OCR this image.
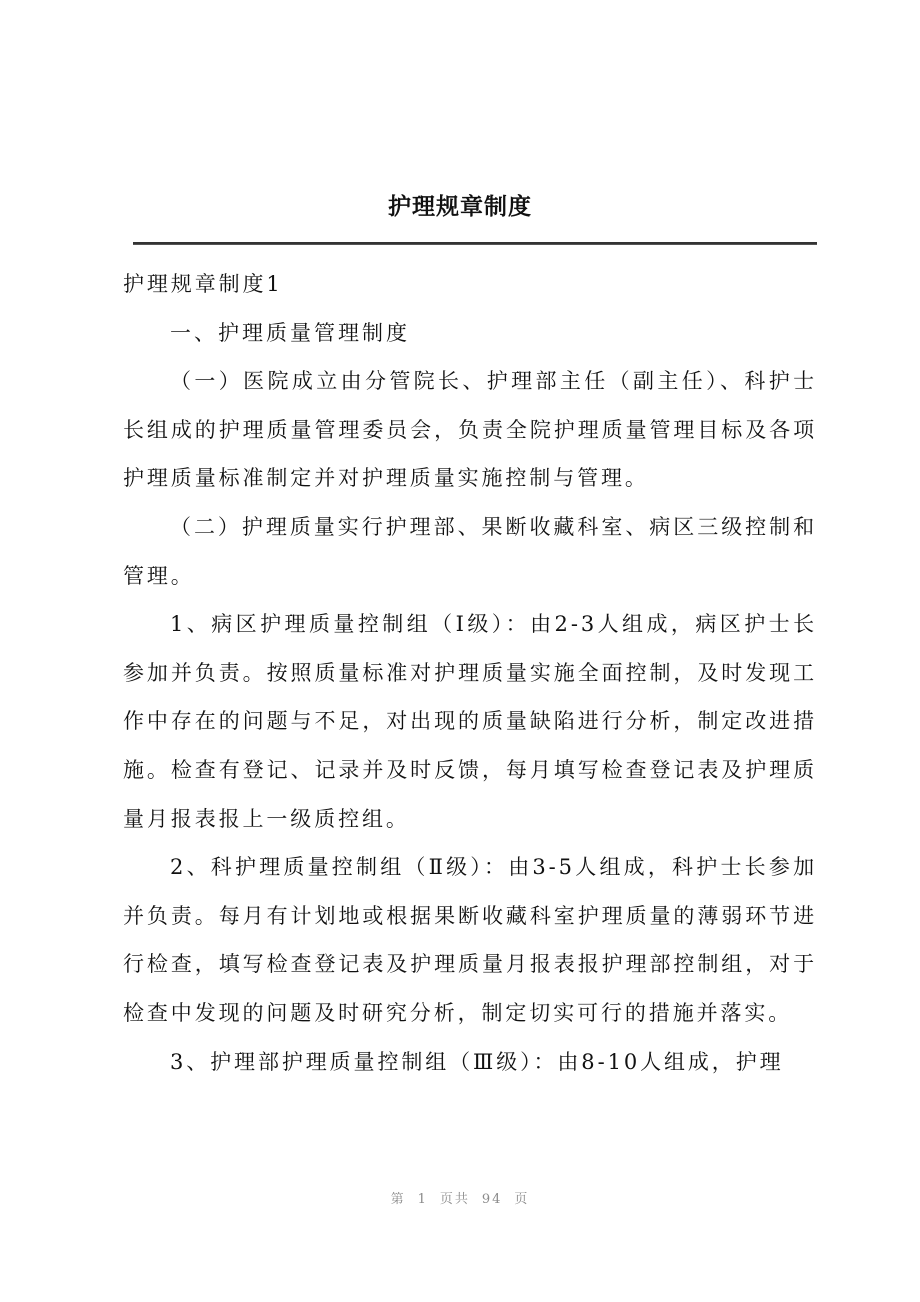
护理规章制度

护理规章制度1

一、护理质量管理制度

（一）医院成立由分管院长、护理部主任（副主任）、科护士长组成的护理质量管理委员会，负责全院护理质量管理目标及各项护理质量标准制定并对护理质量实施控制与管理。

（二）护理质量实行护理部、果断收藏科室、病区三级控制和管理。

1、病区护理质量控制组（Ⅰ级）：由2-3人组成，病区护士长参加并负责。按照质量标准对护理质量实施全面控制，及时发现工作中存在的问题与不足，对出现的质量缺陷进行分析，制定改进措施。检查有登记、记录并及时反馈，每月填写检查登记表及护理质量月报表报上一级质控组。

2、科护理质量控制组（Ⅱ级）：由3-5人组成，科护士长参加并负责。每月有计划地或根据果断收藏科室护理质量的薄弱环节进行检查，填写检查登记表及护理质量月报表报护理部控制组，对于检查中发现的问题及时研究分析，制定切实可行的措施并落实。

3、护理部护理质量控制组（Ⅲ级）：由8-10人组成，护理

第 1 页共 94 页
